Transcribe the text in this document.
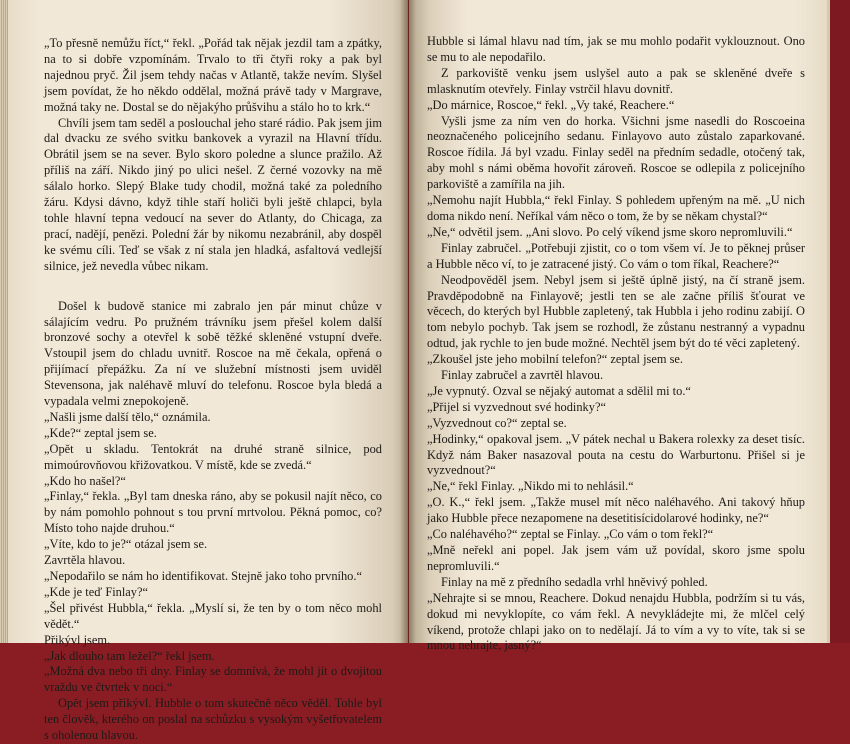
„To přesně nemůžu říct,“ řekl. „Pořád tak nějak jezdil tam a zpátky, na to si dobře vzpomínám. Trvalo to tři čtyři roky a pak byl najednou pryč. Žil jsem tehdy načas v Atlantě, takže nevím. Slyšel jsem povídat, že ho někdo oddělal, možná právě tady v Margrave, možná taky ne. Dostal se do nějakýho průšvihu a stálo ho to krk.“

Chvíli jsem tam seděl a poslouchal jeho staré rádio. Pak jsem jim dal dvacku ze svého svitku bankovek a vyrazil na Hlavní třídu. Obrátil jsem se na sever. Bylo skoro poledne a slunce pražilo. Až příliš na září. Nikdo jiný po ulici nešel. Z černé vozovky na mě sálalo horko. Slepý Blake tudy chodil, možná také za poledního žáru. Kdysi dávno, když tihle staří holiči byli ještě chlapci, byla tohle hlavní tepna vedoucí na sever do Atlanty, do Chicaga, za prací, nadějí, penězi. Polední žár by nikomu nezabránil, aby dospěl ke svému cíli. Teď se však z ní stala jen hladká, asfaltová vedlejší silnice, jež nevedla vůbec nikam.

Došel k budově stanice mi zabralo jen pár minut chůze v sálajícím vedru. Po pružném trávníku jsem přešel kolem další bronzové sochy a otevřel k sobě těžké skleněné vstupní dveře. Vstoupil jsem do chladu uvnitř. Roscoe na mě čekala, opřená o přijímací přepážku. Za ní ve služební místnosti jsem uviděl Stevensona, jak naléhavě mluví do telefonu. Roscoe byla bledá a vypadala velmi znepokojeně.

„Našli jsme další tělo,“ oznámila.

„Kde?“ zeptal jsem se.

„Opět u skladu. Tentokrát na druhé straně silnice, pod mimoúrovňovou křižovatkou. V místě, kde se zvedá.“

„Kdo ho našel?“

„Finlay,“ řekla. „Byl tam dneska ráno, aby se pokusil najít něco, co by nám pomohlo pohnout s tou první mrtvolou. Pěkná pomoc, co? Místo toho najde druhou.“

„Víte, kdo to je?“ otázal jsem se.

Zavrtěla hlavou.

„Nepodařilo se nám ho identifikovat. Stejně jako toho prvního.“

„Kde je teď Finlay?“

„Šel přivést Hubbla,“ řekla. „Myslí si, že ten by o tom něco mohl vědět.“

Přikývl jsem.

„Jak dlouho tam ležel?“ řekl jsem.

„Možná dva nebo tři dny. Finlay se domnívá, že mohl jít o dvojitou vraždu ve čtvrtek v noci.“

Opět jsem přikývl. Hubble o tom skutečně něco věděl. Tohle byl ten člověk, kterého on poslal na schůzku s vysokým vyšetřovatelem s oholenou hlavou.

Hubble si lámal hlavu nad tím, jak se mu mohlo podařit vyklouznout. Ono se mu to ale nepodařilo.

Z parkoviště venku jsem uslyšel auto a pak se skleněné dveře s mlasknutím otevřely. Finlay vstrčil hlavu dovnitř.

„Do márnice, Roscoe,“ řekl. „Vy také, Reachere.“

Vyšli jsme za ním ven do horka. Všichni jsme nasedli do Roscoeina neoznačeného policejního sedanu. Finlayovo auto zůstalo zaparkované. Roscoe řídila. Já byl vzadu. Finlay seděl na předním sedadle, otočený tak, aby mohl s námi oběma hovořit zároveň. Roscoe se odlepila z policejního parkoviště a zamířila na jih.

„Nemohu najít Hubbla,“ řekl Finlay. S pohledem upřeným na mě. „U nich doma nikdo není. Neříkal vám něco o tom, že by se někam chystal?“

„Ne,“ odvětil jsem. „Ani slovo. Po celý víkend jsme skoro nepromluvili.“

Finlay zabručel. „Potřebuji zjistit, co o tom všem ví. Je to pěknej průser a Hubble něco ví, to je zatracené jistý. Co vám o tom říkal, Reachere?“

Neodpověděl jsem. Nebyl jsem si ještě úplně jistý, na čí straně jsem. Pravděpodobně na Finlayově; jestli ten se ale začne příliš šťourat ve věcech, do kterých byl Hubble zapletený, tak Hubbla i jeho rodinu zabijí. O tom nebylo pochyb. Tak jsem se rozhodl, že zůstanu nestranný a vypadnu odtud, jak rychle to jen bude možné. Nechtěl jsem být do té věci zapletený.

„Zkoušel jste jeho mobilní telefon?“ zeptal jsem se.

Finlay zabručel a zavrtěl hlavou.

„Je vypnutý. Ozval se nějaký automat a sdělil mi to.“

„Přijel si vyzvednout své hodinky?“

„Vyzvednout co?“ zeptal se.

„Hodinky,“ opakoval jsem. „V pátek nechal u Bakera rolexky za deset tisíc. Když nám Baker nasazoval pouta na cestu do Warburtonu. Přišel si je vyzvednout?“

„Ne,“ řekl Finlay. „Nikdo mi to nehlásil.“

„O. K.,“ řekl jsem. „Takže musel mít něco naléhavého. Ani takový hňup jako Hubble přece nezapomene na desetitisícidolarové hodinky, ne?“

„Co naléhavého?“ zeptal se Finlay. „Co vám o tom řekl?“

„Mně neřekl ani popel. Jak jsem vám už povídal, skoro jsme spolu nepromluvili.“

Finlay na mě z předního sedadla vrhl hněvivý pohled.

„Nehrajte si se mnou, Reachere. Dokud nenajdu Hubbla, podržím si tu vás, dokud mi nevyklopíte, co vám řekl. A nevykládejte mi, že mlčel celý víkend, protože chlapi jako on to nedělají. Já to vím a vy to víte, tak si se mnou nehrajte, jasný?“
